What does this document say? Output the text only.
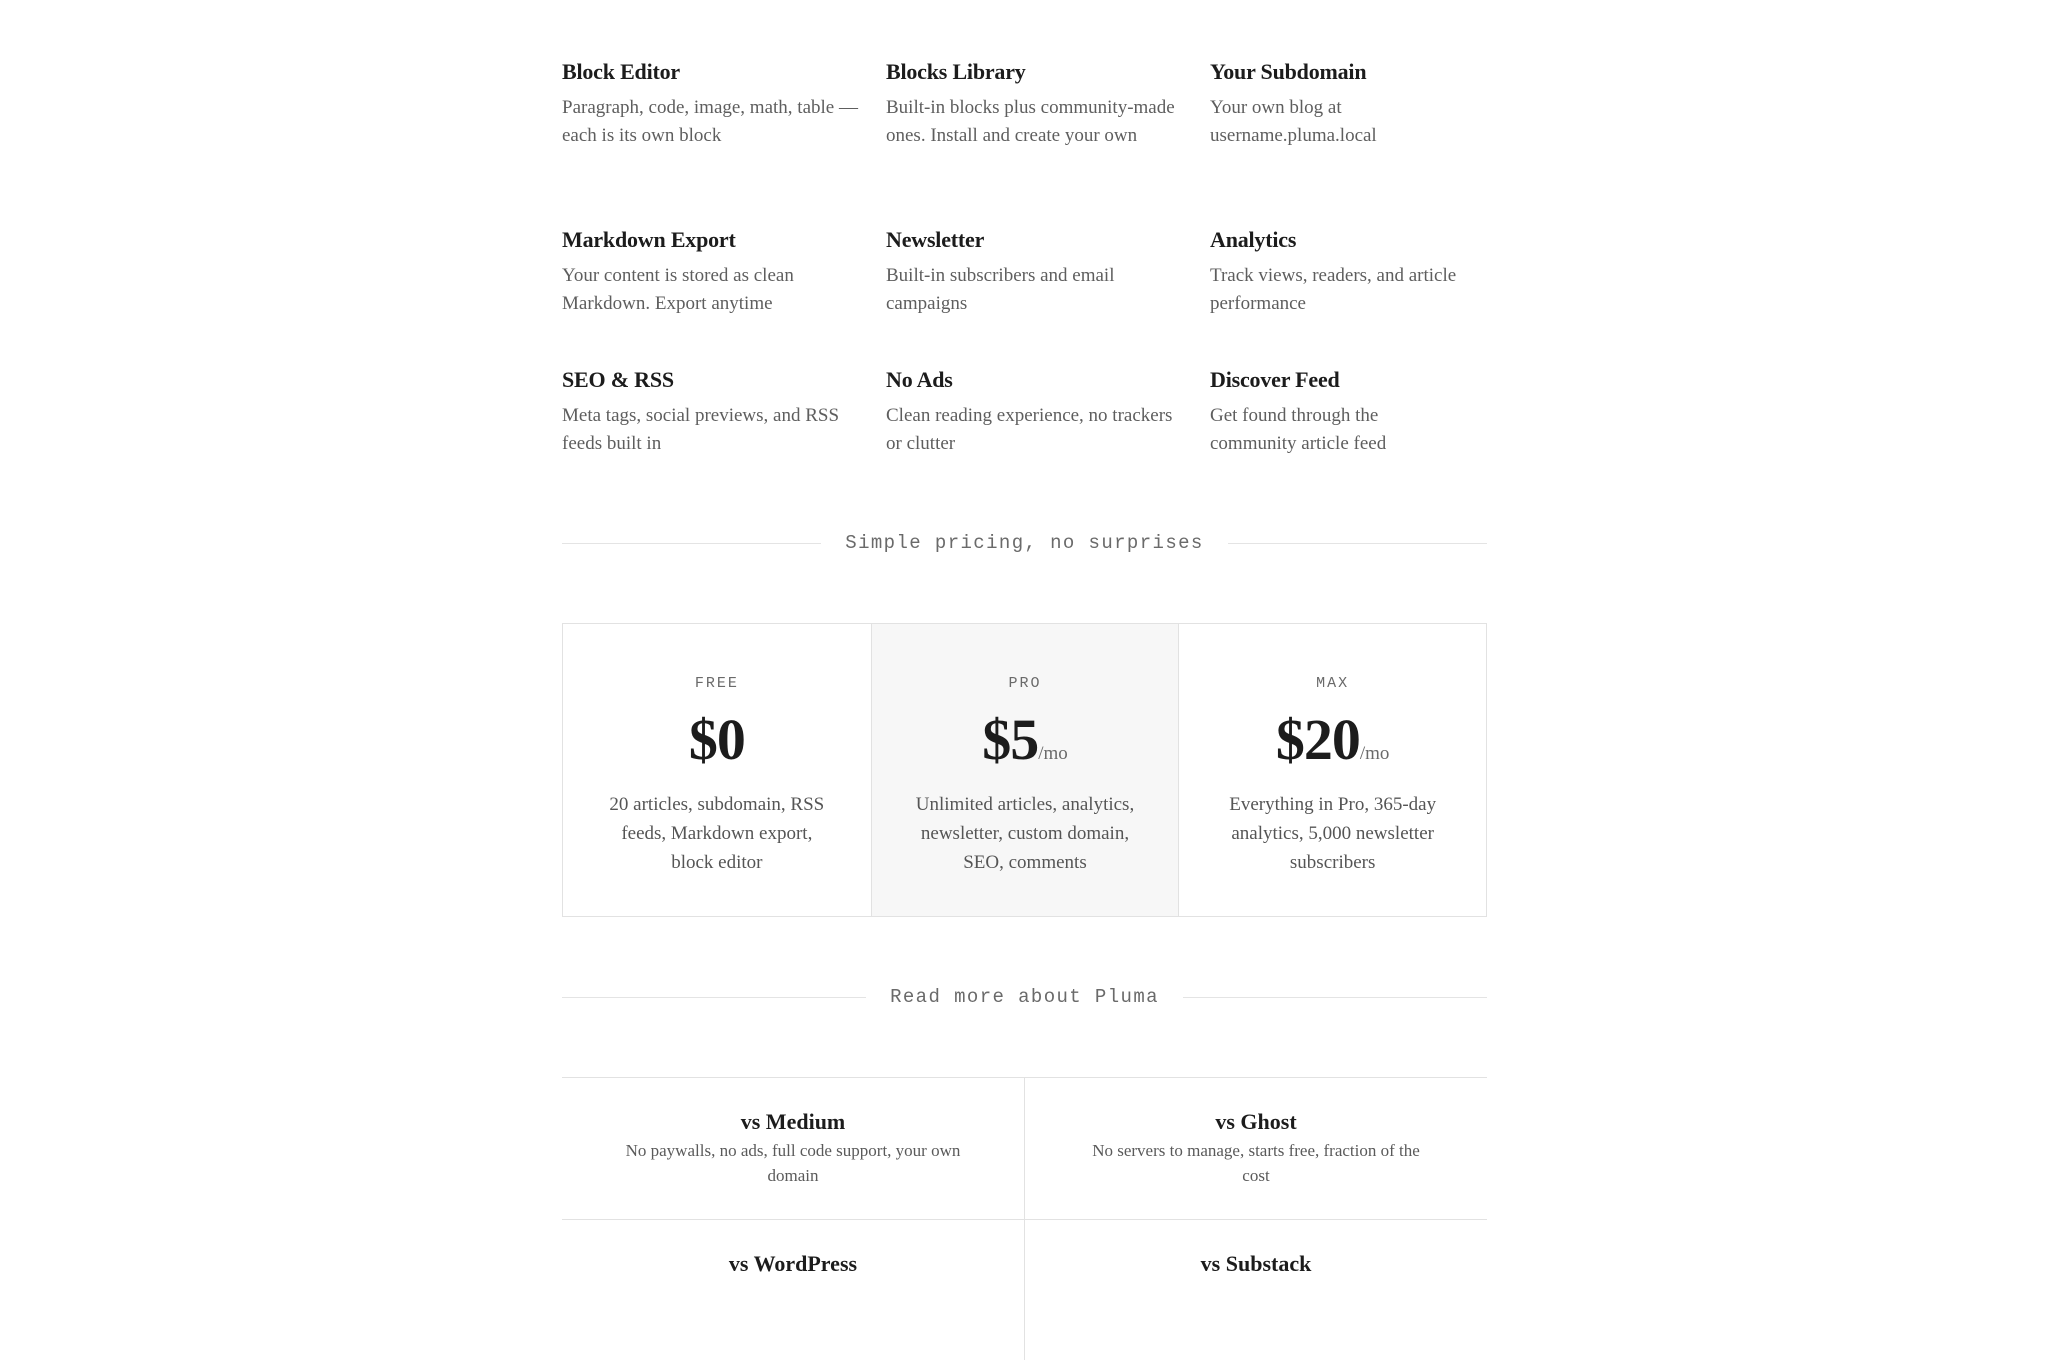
Block Editor

Paragraph, code, image, math, table — each is its own block

Blocks Library

Built-in blocks plus community-made ones. Install and create your own

Your Subdomain

Your own blog at username.pluma.local

Markdown Export

Your content is stored as clean Markdown. Export anytime

Newsletter

Built-in subscribers and email campaigns

Analytics

Track views, readers, and article performance

SEO & RSS

Meta tags, social previews, and RSS feeds built in

No Ads

Clean reading experience, no trackers or clutter

Discover Feed

Get found through the community article feed

Simple pricing, no surprises
FREE
$0
20 articles, subdomain, RSS feeds, Markdown export, block editor
PRO
$5/mo
Unlimited articles, analytics, newsletter, custom domain, SEO, comments
MAX
$20/mo
Everything in Pro, 365-day analytics, 5,000 newsletter subscribers
Read more about Pluma
vs Medium

No paywalls, no ads, full code support, your own domain

vs Ghost

No servers to manage, starts free, fraction of the cost

vs WordPress	vs Substack
